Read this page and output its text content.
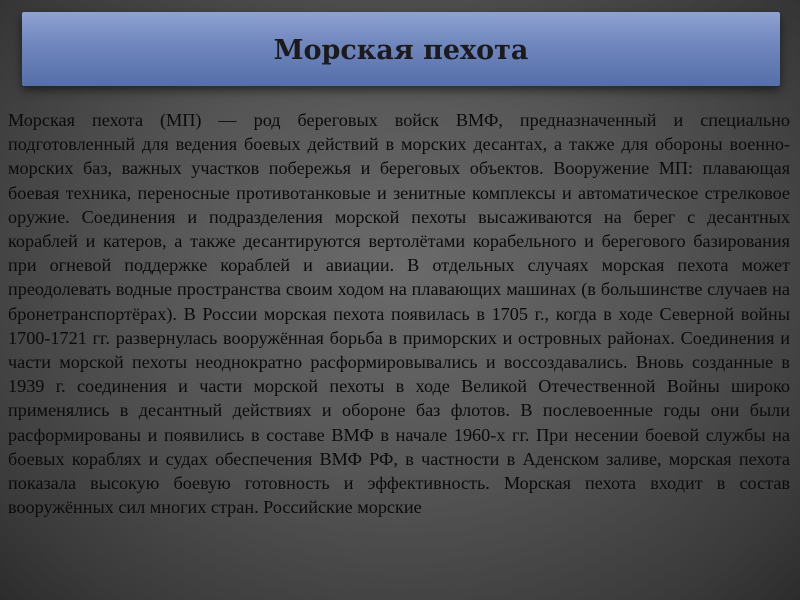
Морская пехота

Морская пехота (МП) — род береговых войск ВМФ, предназначенный и специально подготовленный для ведения боевых действий в морских десантах, а также для обороны военно-морских баз, важных участков побережья и береговых объектов. Вооружение МП: плавающая боевая техника, переносные противотанковые и зенитные комплексы и автоматическое стрелковое оружие. Соединения и подразделения морской пехоты высаживаются на берег с десантных кораблей и катеров, а также десантируются вертолётами корабельного и берегового базирования при огневой поддержке кораблей и авиации. В отдельных случаях морская пехота может преодолевать водные пространства своим ходом на плавающих машинах (в большинстве случаев на бронетранспортёрах). В России морская пехота появилась в 1705 г., когда в ходе Северной войны 1700-1721 гг. развернулась вооружённая борьба в приморских и островных районах. Соединения и части морской пехоты неоднократно расформировывались и воссоздавались. Вновь созданные в 1939 г. соединения и части морской пехоты в ходе Великой Отечественной Войны широко применялись в десантный действиях и обороне баз флотов. В послевоенные годы они были расформированы и появились в составе ВМФ в начале 1960-х гг. При несении боевой службы на боевых кораблях и судах обеспечения ВМФ РФ, в частности в Аденском заливе, морская пехота показала высокую боевую готовность и эффективность. Морская пехота входит в состав вооружённых сил многих стран. Российские морские
